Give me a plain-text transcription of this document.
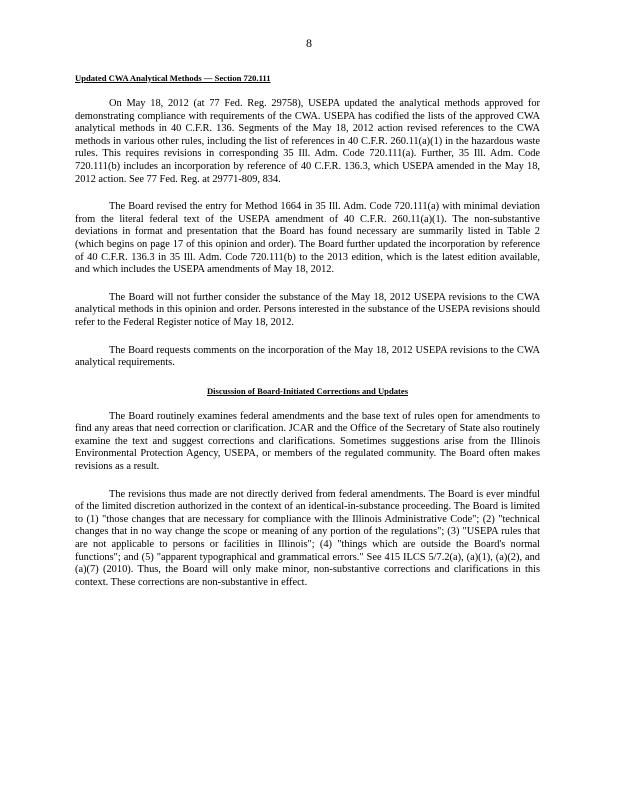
8
Updated CWA Analytical Methods — Section 720.111

On May 18, 2012 (at 77 Fed. Reg. 29758), USEPA updated the analytical methods approved for demonstrating compliance with requirements of the CWA. USEPA has codified the lists of the approved CWA analytical methods in 40 C.F.R. 136. Segments of the May 18, 2012 action revised references to the CWA methods in various other rules, including the list of references in 40 C.F.R. 260.11(a)(1) in the hazardous waste rules. This requires revisions in corresponding 35 Ill. Adm. Code 720.111(a). Further, 35 Ill. Adm. Code 720.111(b) includes an incorporation by reference of 40 C.F.R. 136.3, which USEPA amended in the May 18, 2012 action. See 77 Fed. Reg. at 29771-809, 834.

The Board revised the entry for Method 1664 in 35 Ill. Adm. Code 720.111(a) with minimal deviation from the literal federal text of the USEPA amendment of 40 C.F.R. 260.11(a)(1). The non-substantive deviations in format and presentation that the Board has found necessary are summarily listed in Table 2 (which begins on page 17 of this opinion and order). The Board further updated the incorporation by reference of 40 C.F.R. 136.3 in 35 Ill. Adm. Code 720.111(b) to the 2013 edition, which is the latest edition available, and which includes the USEPA amendments of May 18, 2012.

The Board will not further consider the substance of the May 18, 2012 USEPA revisions to the CWA analytical methods in this opinion and order. Persons interested in the substance of the USEPA revisions should refer to the Federal Register notice of May 18, 2012.

The Board requests comments on the incorporation of the May 18, 2012 USEPA revisions to the CWA analytical requirements.

Discussion of Board-Initiated Corrections and Updates

The Board routinely examines federal amendments and the base text of rules open for amendments to find any areas that need correction or clarification. JCAR and the Office of the Secretary of State also routinely examine the text and suggest corrections and clarifications. Sometimes suggestions arise from the Illinois Environmental Protection Agency, USEPA, or members of the regulated community. The Board often makes revisions as a result.

The revisions thus made are not directly derived from federal amendments. The Board is ever mindful of the limited discretion authorized in the context of an identical-in-substance proceeding. The Board is limited to (1) "those changes that are necessary for compliance with the Illinois Administrative Code"; (2) "technical changes that in no way change the scope or meaning of any portion of the regulations"; (3) "USEPA rules that are not applicable to persons or facilities in Illinois"; (4) "things which are outside the Board's normal functions"; and (5) "apparent typographical and grammatical errors." See 415 ILCS 5/7.2(a), (a)(1), (a)(2), and (a)(7) (2010). Thus, the Board will only make minor, non-substantive corrections and clarifications in this context. These corrections are non-substantive in effect.
